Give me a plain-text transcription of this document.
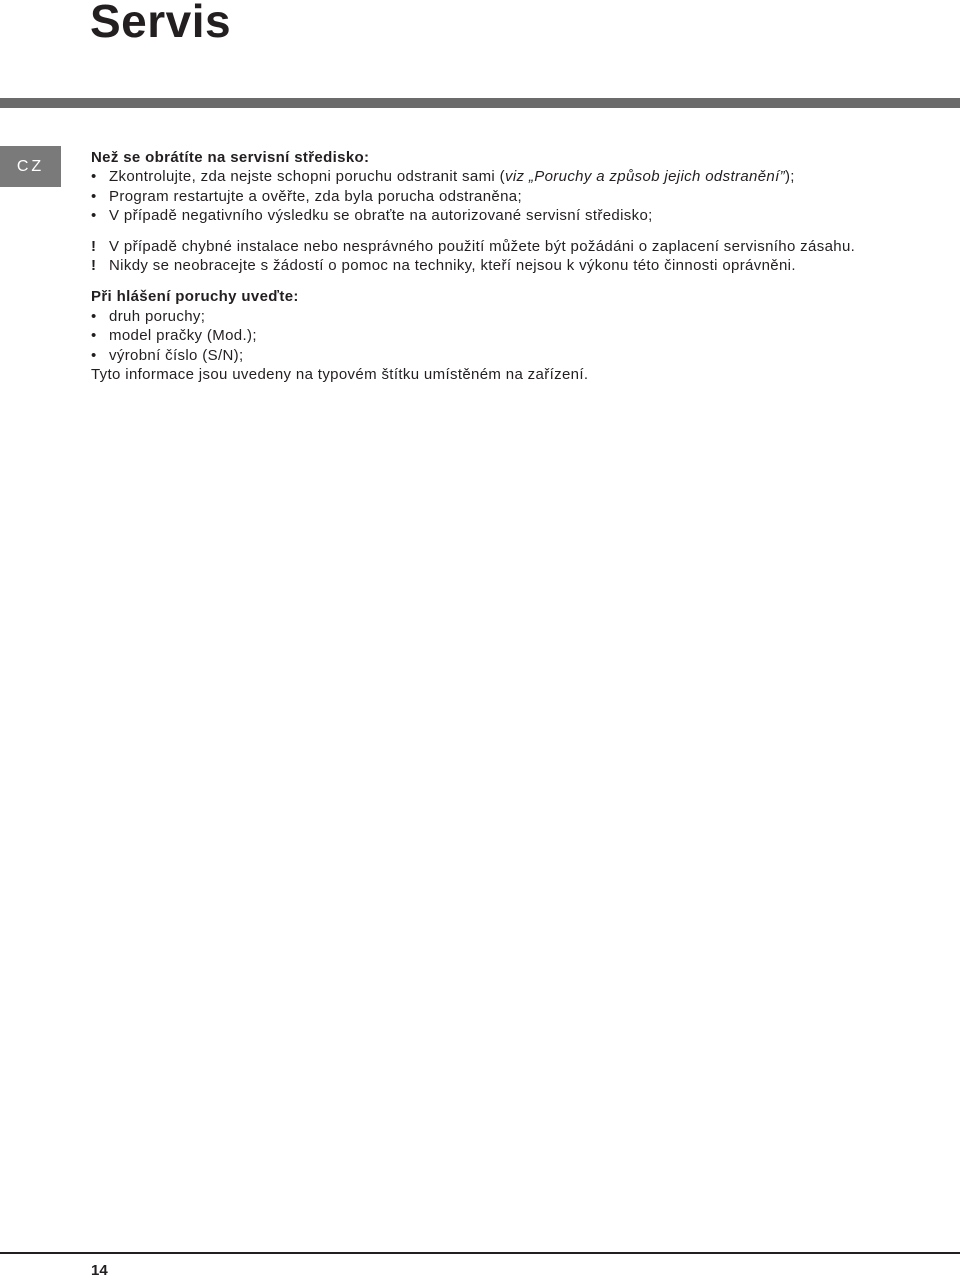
Servis
CZ	Než se obrátíte na servisní středisko:
• Zkontrolujte, zda nejste schopni poruchu odstranit sami (viz „Poruchy a způsob jejich odstranění”);
• Program restartujte a ověřte, zda byla porucha odstraněna;
• V případě negativního výsledku se obraťte na autorizované servisní středisko;
! V případě chybné instalace nebo nesprávného použití můžete být požádáni o zaplacení servisního zásahu.
! Nikdy se neobracejte s žádostí o pomoc na techniky, kteří nejsou k výkonu této činnosti oprávněni.
Při hlášení poruchy uveďte:
• druh poruchy;
• model pračky (Mod.);
• výrobní číslo (S/N);
Tyto informace jsou uvedeny na typovém štítku umístěném na zařízení.
14
